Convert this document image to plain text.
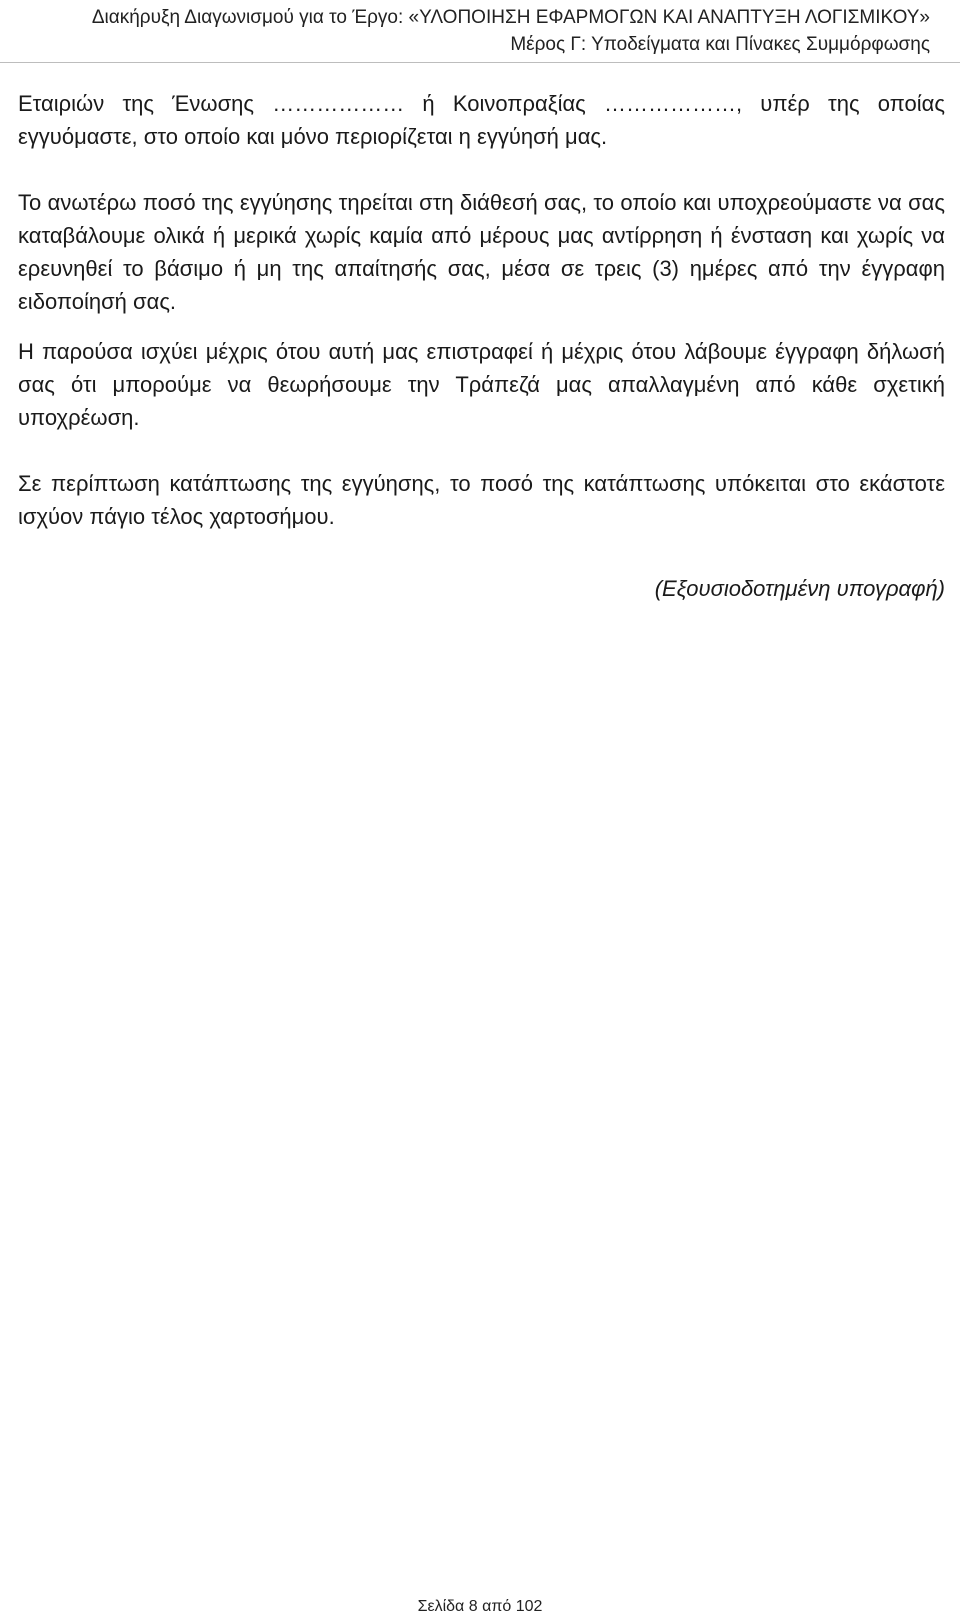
Διακήρυξη Διαγωνισμού για το Έργο: «ΥΛΟΠΟΙΗΣΗ ΕΦΑΡΜΟΓΩΝ ΚΑΙ ΑΝΑΠΤΥΞΗ ΛΟΓΙΣΜΙΚΟΥ»
Μέρος Γ: Υποδείγματα και Πίνακες Συμμόρφωσης

Εταιριών της Ένωσης ……………… ή Κοινοπραξίας ………………, υπέρ της οποίας εγγυόμαστε, στο οποίο και μόνο περιορίζεται η εγγύησή μας.

Το ανωτέρω ποσό της εγγύησης τηρείται στη διάθεσή σας, το οποίο και υποχρεούμαστε να σας καταβάλουμε ολικά ή μερικά χωρίς καμία από μέρους μας αντίρρηση ή ένσταση και χωρίς να ερευνηθεί το βάσιμο ή μη της απαίτησής σας, μέσα σε τρεις (3) ημέρες από την έγγραφη ειδοποίησή σας.

Η παρούσα ισχύει μέχρις ότου αυτή μας επιστραφεί ή μέχρις ότου λάβουμε έγγραφη δήλωσή σας ότι μπορούμε να θεωρήσουμε την Τράπεζά μας απαλλαγμένη από κάθε σχετική υποχρέωση.

Σε περίπτωση κατάπτωσης της εγγύησης, το ποσό της κατάπτωσης υπόκειται στο εκάστοτε ισχύον πάγιο τέλος χαρτοσήμου.

(Εξουσιοδοτημένη υπογραφή)
Σελίδα 8 από 102
